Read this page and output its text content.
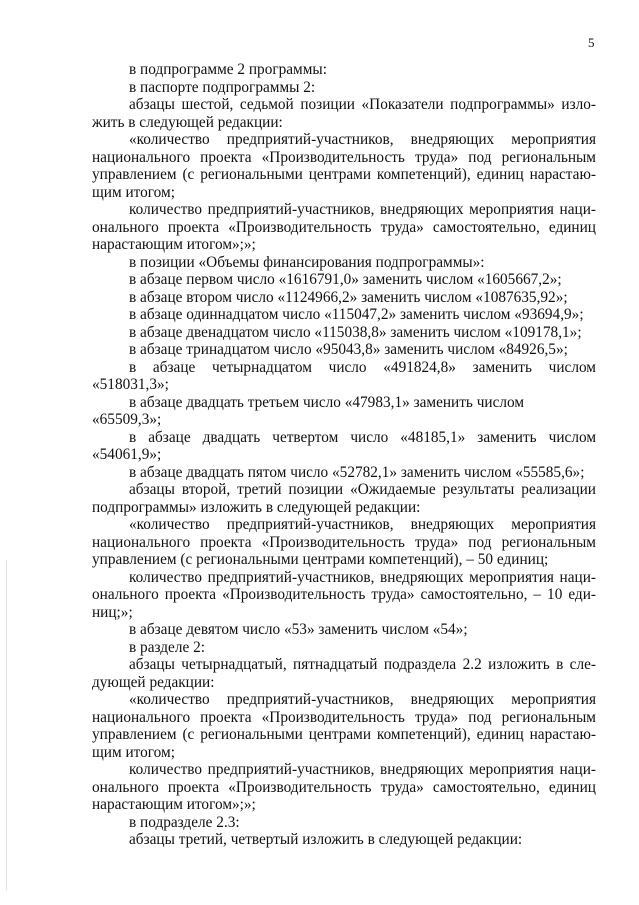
5

в подпрограмме 2 программы:

в паспорте подпрограммы 2:

абзацы шестой, седьмой позиции «Показатели подпрограммы» изло-

жить в следующей редакции:

«количество предприятий-участников, внедряющих мероприятия

национального проекта «Производительность труда» под региональным

управлением (с региональными центрами компетенций), единиц нарастаю-

щим итогом;

количество предприятий-участников, внедряющих мероприятия наци-

онального проекта «Производительность труда» самостоятельно, единиц

нарастающим итогом»;»;

в позиции «Объемы финансирования подпрограммы»:

в абзаце первом число «1616791,0» заменить числом «1605667,2»;

в абзаце втором число «1124966,2» заменить числом «1087635,92»;

в абзаце одиннадцатом число «115047,2» заменить числом «93694,9»;

в абзаце двенадцатом число «115038,8» заменить числом «109178,1»;

в абзаце тринадцатом число «95043,8» заменить числом «84926,5»;

в абзаце четырнадцатом число «491824,8» заменить числом

«518031,3»;

в абзаце двадцать третьем число «47983,1» заменить числом «65509,3»;

в абзаце двадцать четвертом число «48185,1» заменить числом

«54061,9»;

в абзаце двадцать пятом число «52782,1» заменить числом «55585,6»;

абзацы второй, третий позиции «Ожидаемые результаты реализации

подпрограммы» изложить в следующей редакции:

«количество предприятий-участников, внедряющих мероприятия

национального проекта «Производительность труда» под региональным

управлением (с региональными центрами компетенций), – 50 единиц;

количество предприятий-участников, внедряющих мероприятия наци-

онального проекта «Производительность труда» самостоятельно, – 10 еди-

ниц;»;

в абзаце девятом число «53» заменить числом «54»;

в разделе 2:

абзацы четырнадцатый, пятнадцатый подраздела 2.2 изложить в сле-

дующей редакции:

«количество предприятий-участников, внедряющих мероприятия

национального проекта «Производительность труда» под региональным

управлением (с региональными центрами компетенций), единиц нарастаю-

щим итогом;

количество предприятий-участников, внедряющих мероприятия наци-

онального проекта «Производительность труда» самостоятельно, единиц

нарастающим итогом»;»;

в подразделе 2.3:

абзацы третий, четвертый изложить в следующей редакции:
